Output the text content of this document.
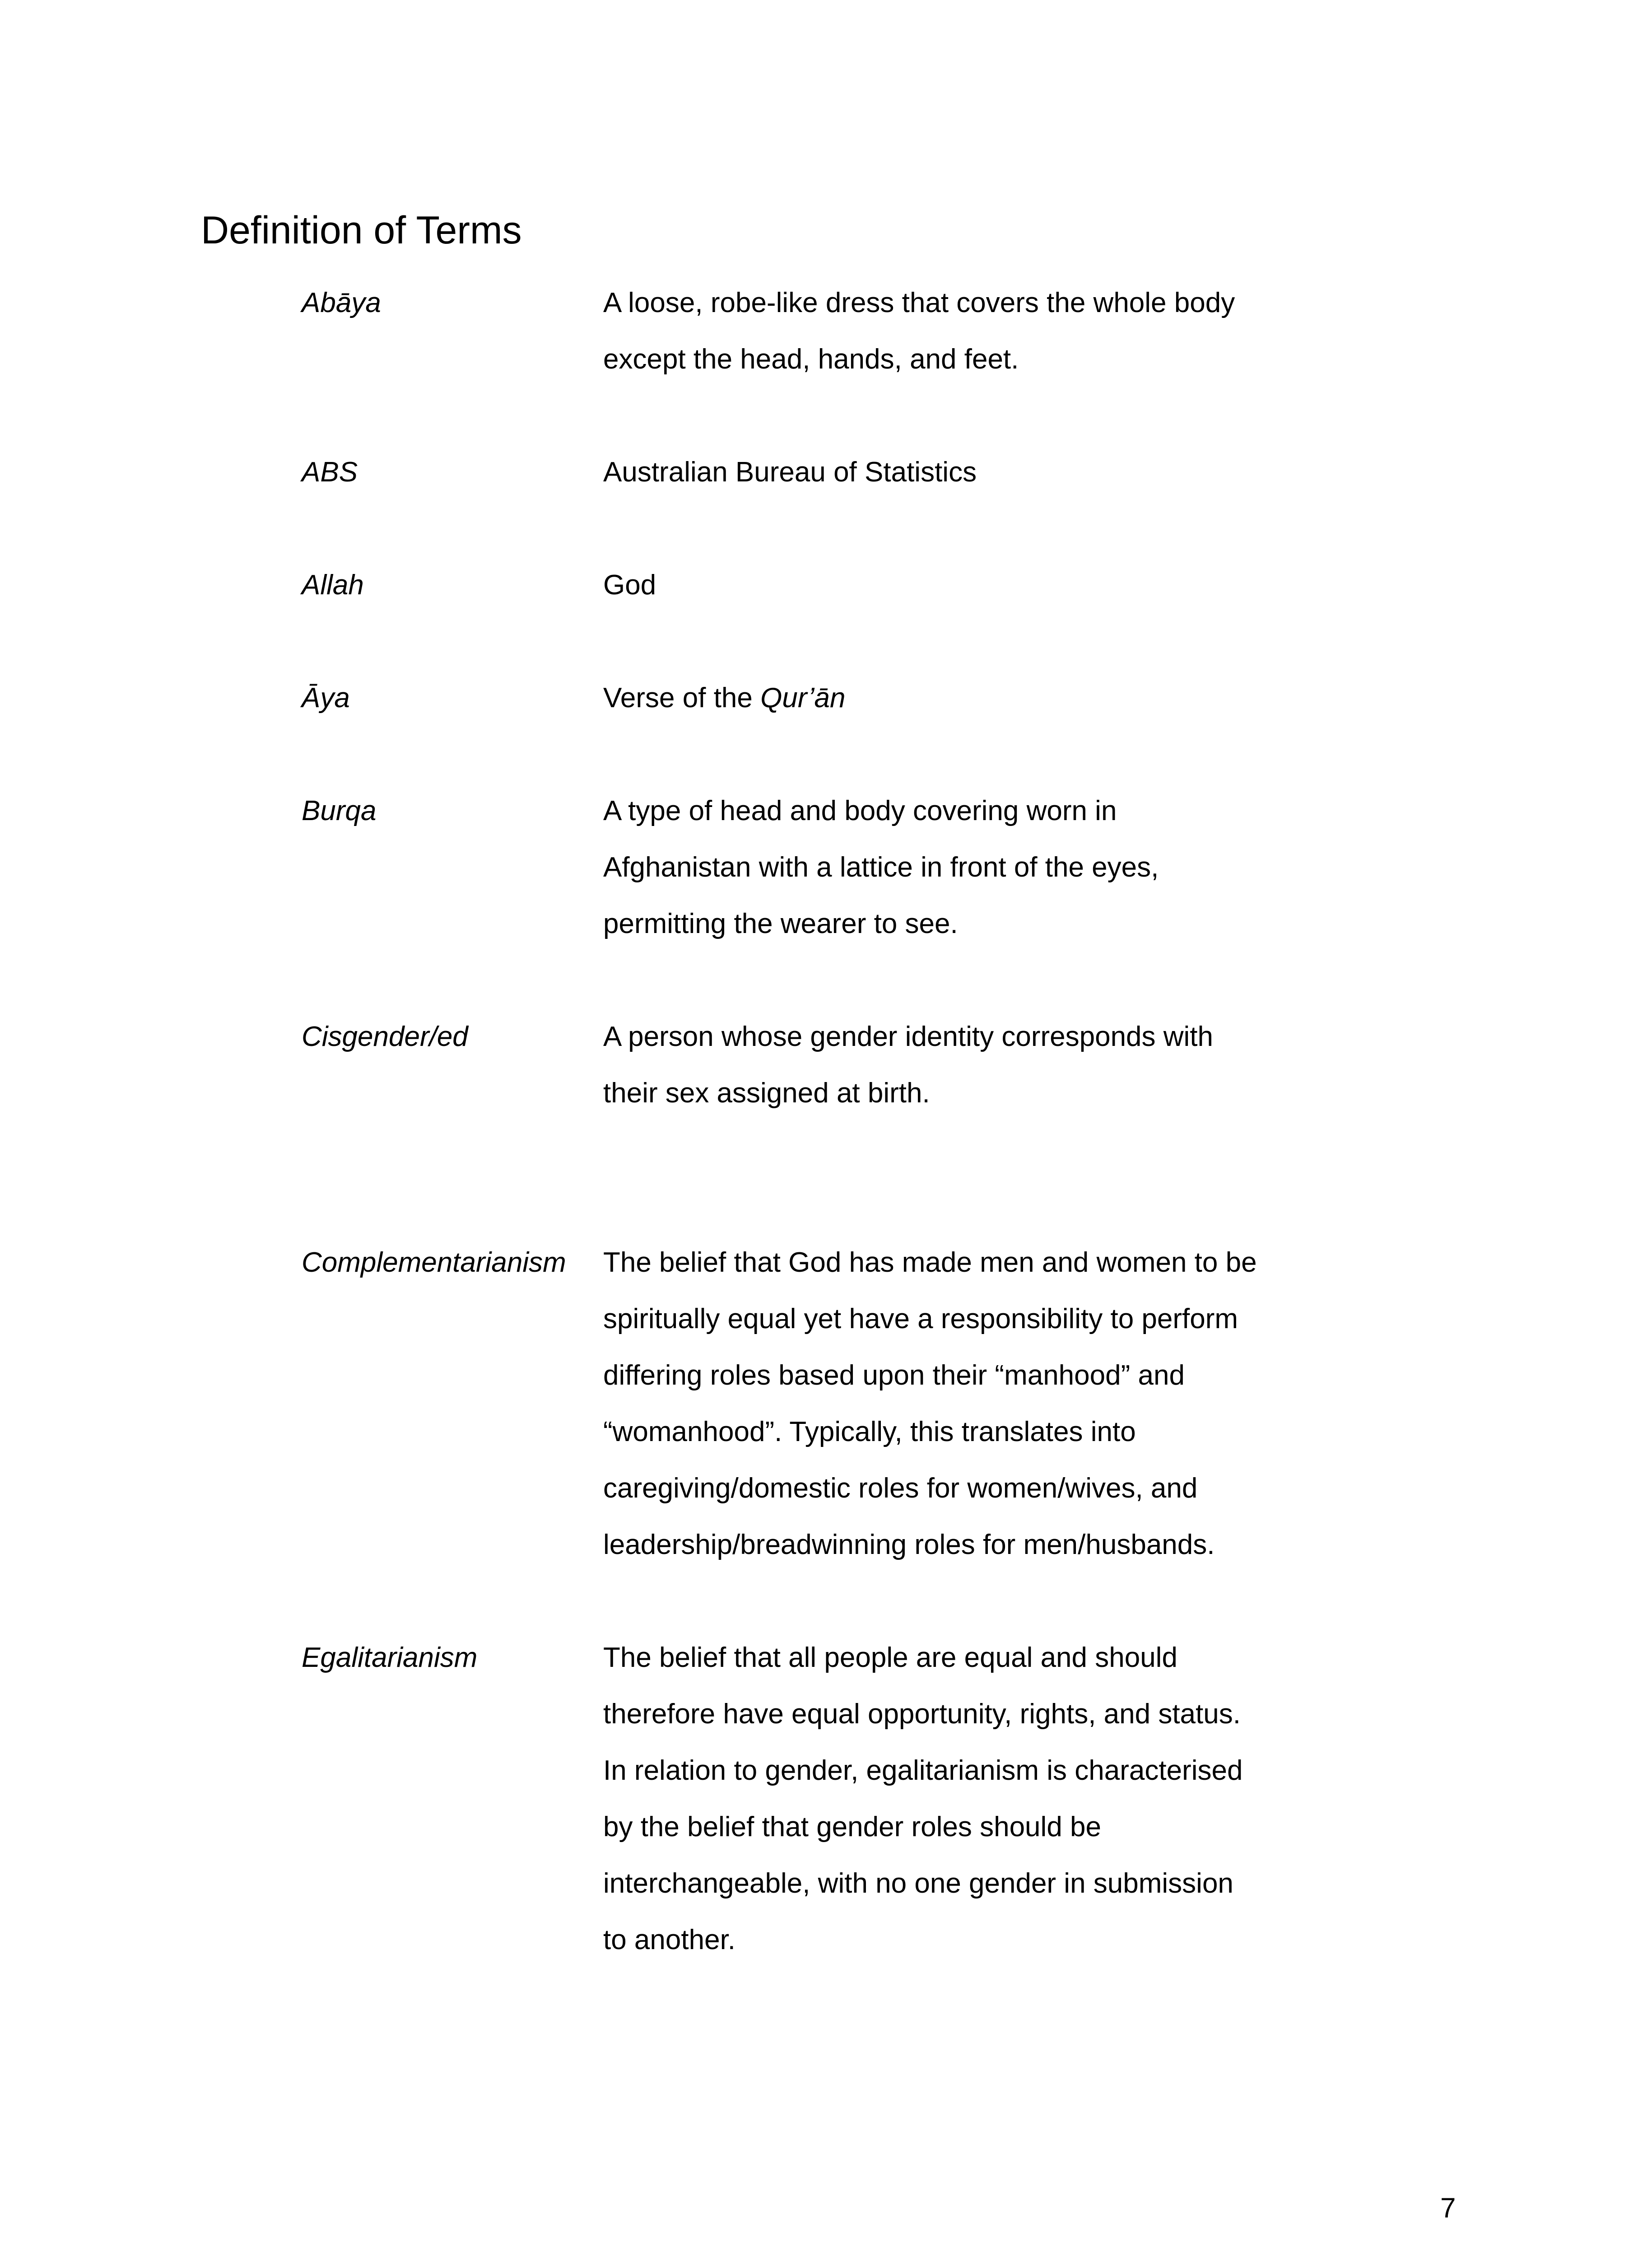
Definition of Terms
Abāya	A loose, robe-like dress that covers the whole body
except the head, hands, and feet.
ABS	Australian Bureau of Statistics
Allah	God
Āya	Verse of the Qur’ān
Burqa	A type of head and body covering worn in
Afghanistan with a lattice in front of the eyes,
permitting the wearer to see.
Cisgender/ed	A person whose gender identity corresponds with
their sex assigned at birth.
Complementarianism The belief that God has made men and women to be
spiritually equal yet have a responsibility to perform
differing roles based upon their “manhood” and
“womanhood”. Typically, this translates into
caregiving/domestic roles for women/wives, and
leadership/breadwinning roles for men/husbands.
Egalitarianism	The belief that all people are equal and should
therefore have equal opportunity, rights, and status.
In relation to gender, egalitarianism is characterised
by the belief that gender roles should be
interchangeable, with no one gender in submission
to another.
7
